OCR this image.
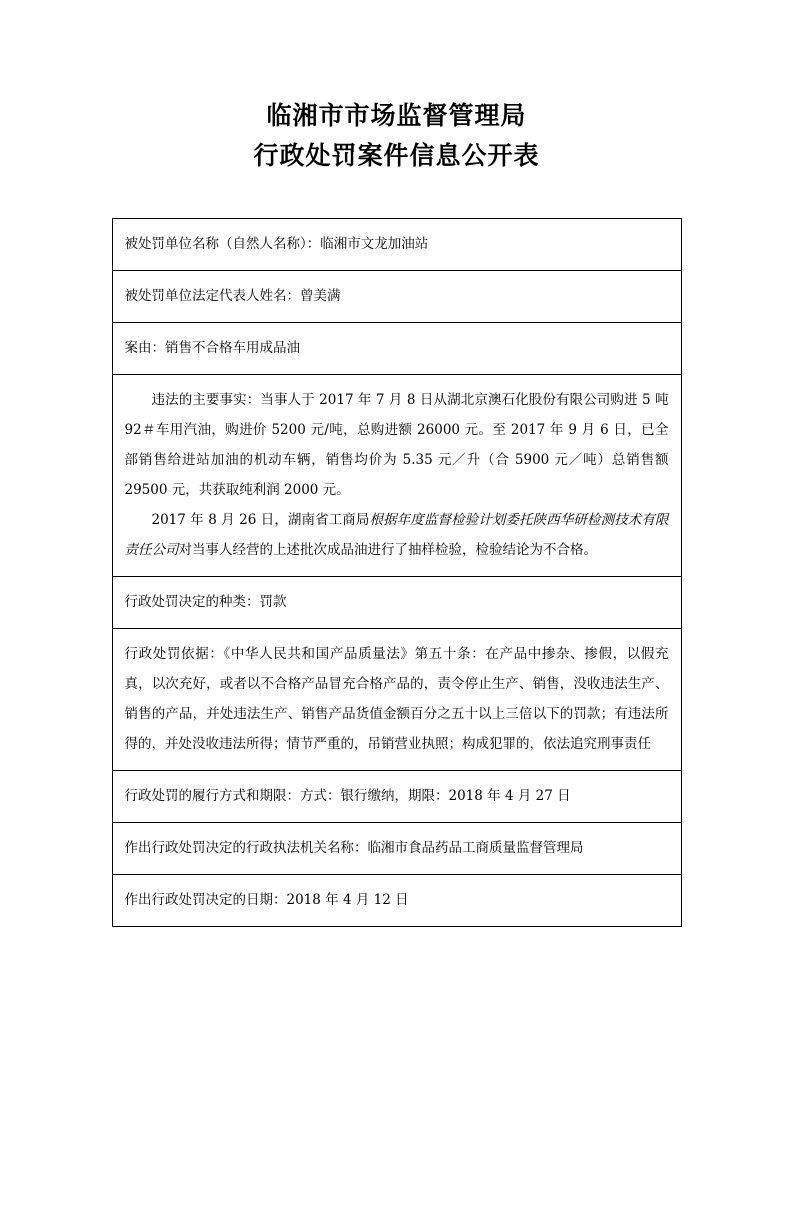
临湘市市场监督管理局
行政处罚案件信息公开表
被处罚单位名称（自然人名称）：临湘市文龙加油站
被处罚单位法定代表人姓名：曾美满
案由：销售不合格车用成品油

违法的主要事实：当事人于 2017 年 7 月 8 日从湖北京澳石化股份有限公司购进 5 吨 92＃车用汽油，购进价 5200 元/吨，总购进额 26000 元。至 2017 年 9 月 6 日，已全部销售给进站加油的机动车辆，销售均价为 5.35 元／升（合 5900 元／吨）总销售额 29500 元，共获取纯利润 2000 元。

2017 年 8 月 26 日，湖南省工商局根据年度监督检验计划委托陕西华研检测技术有限责任公司对当事人经营的上述批次成品油进行了抽样检验，检验结论为不合格。

行政处罚决定的种类：罚款
行政处罚依据：《中华人民共和国产品质量法》第五十条：在产品中掺杂、掺假，以假充真，以次充好，或者以不合格产品冒充合格产品的，责令停止生产、销售，没收违法生产、销售的产品，并处违法生产、销售产品货值金额百分之五十以上三倍以下的罚款；有违法所得的，并处没收违法所得；情节严重的，吊销营业执照；构成犯罪的，依法追究刑事责任
行政处罚的履行方式和期限：方式：银行缴纳，期限：2018 年 4 月 27 日
作出行政处罚决定的行政执法机关名称：临湘市食品药品工商质量监督管理局
作出行政处罚决定的日期：2018 年 4 月 12 日
